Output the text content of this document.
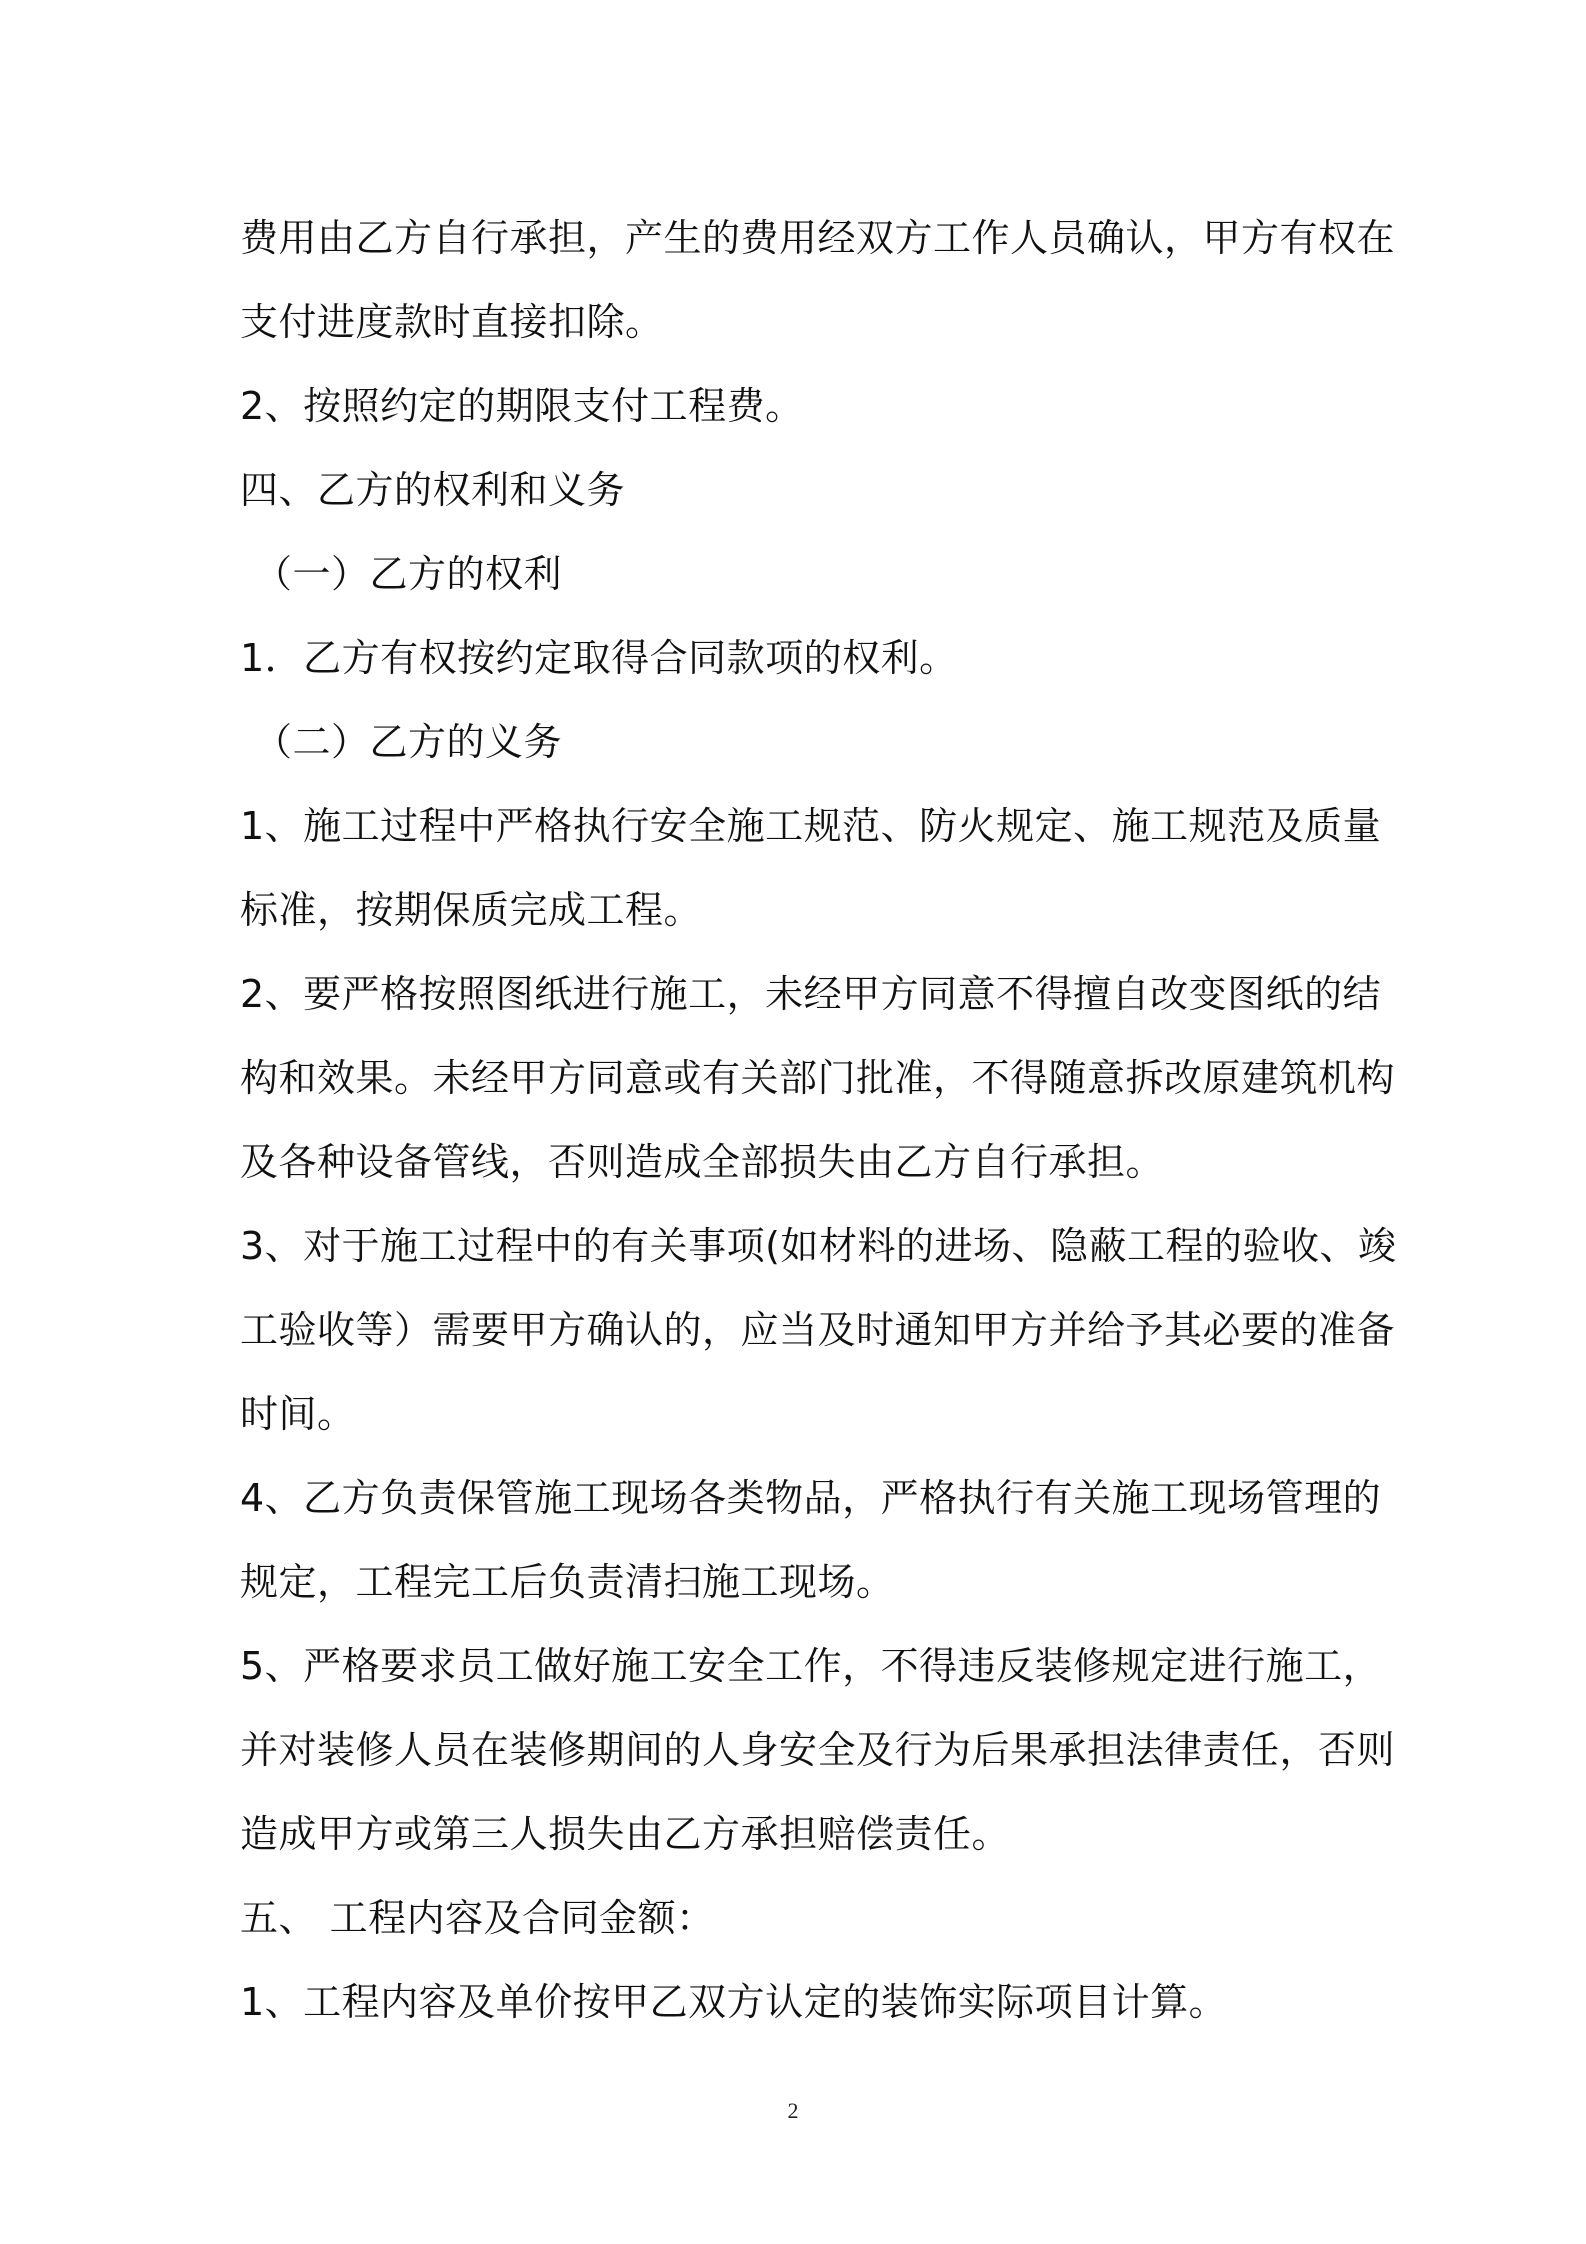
费用由乙方自行承担，产生的费用经双方工作人员确认，甲方有权在
支付进度款时直接扣除。
2、按照约定的期限支付工程费。
四、乙方的权利和义务
（一）乙方的权利
1．乙方有权按约定取得合同款项的权利。
（二）乙方的义务
1、施工过程中严格执行安全施工规范、防火规定、施工规范及质量
标准，按期保质完成工程。
2、要严格按照图纸进行施工，未经甲方同意不得擅自改变图纸的结
构和效果。未经甲方同意或有关部门批准，不得随意拆改原建筑机构
及各种设备管线，否则造成全部损失由乙方自行承担。
3、对于施工过程中的有关事项(如材料的进场、隐蔽工程的验收、竣
工验收等）需要甲方确认的，应当及时通知甲方并给予其必要的准备
时间。
4、乙方负责保管施工现场各类物品，严格执行有关施工现场管理的
规定，工程完工后负责清扫施工现场。
5、严格要求员工做好施工安全工作，不得违反装修规定进行施工，
并对装修人员在装修期间的人身安全及行为后果承担法律责任，否则
造成甲方或第三人损失由乙方承担赔偿责任。
五、 工程内容及合同金额：
1、工程内容及单价按甲乙双方认定的装饰实际项目计算。
2
